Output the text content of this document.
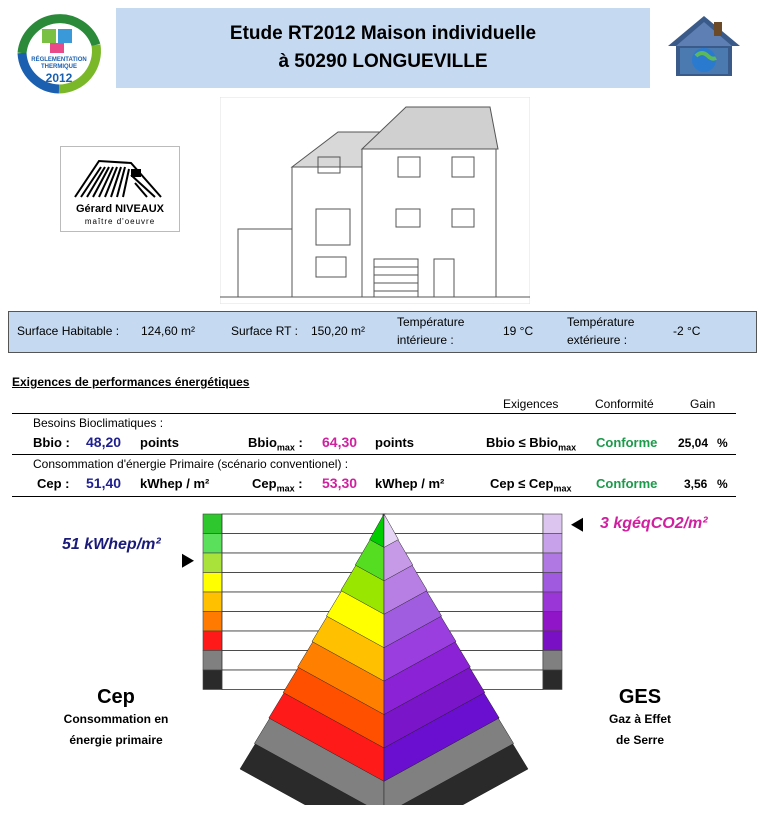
RÉGLEMENTATION
THERMIQUE
2012
Etude RT2012 Maison individuelle
à 50290 LONGUEVILLE
Gérard NIVEAUX
maître d'oeuvre
Surface Habitable : 124,60 m²	Surface RT : 150,20 m²
Température
intérieure :
19 °C
Température
extérieure :
-2 °C
Exigences de performances énergétiques
Exigences	Conformité	Gain
Besoins Bioclimatiques :
Bbio : 48,20 points	Bbio$_{max}$ : 64,30 points	Bbio ≤ Bbio$_{max}$ Conforme 25,04 %
Consommation d'énergie Primaire (scénario conventionel) :
Cep : 51,40 kWhep / m²	Cep$_{max}$ : 53,30 kWhep / m²	Cep ≤ Cep$_{max}$ Conforme 3,56 %
51 kWhep/m²
3 kgéqCO2/m²
Cep
Consommation en
énergie primaire
GES
Gaz à Effet
de Serre
